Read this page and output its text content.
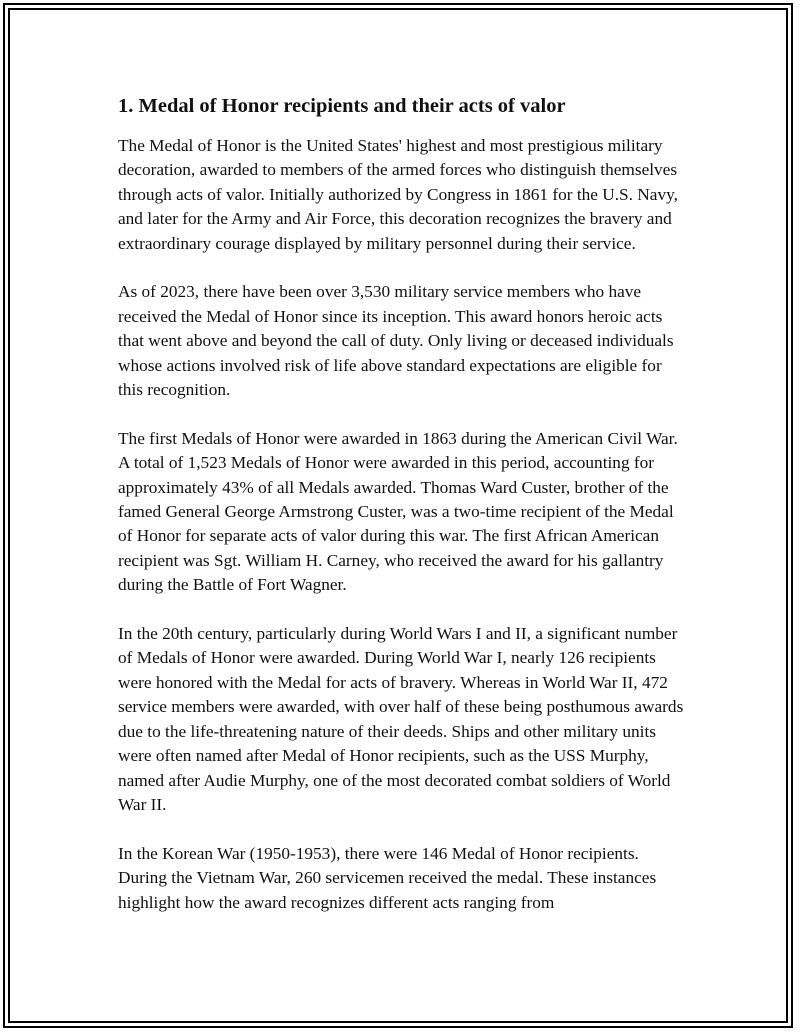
1. Medal of Honor recipients and their acts of valor

The Medal of Honor is the United States' highest and most prestigious military decoration, awarded to members of the armed forces who distinguish themselves through acts of valor. Initially authorized by Congress in 1861 for the U.S. Navy, and later for the Army and Air Force, this decoration recognizes the bravery and extraordinary courage displayed by military personnel during their service.

As of 2023, there have been over 3,530 military service members who have received the Medal of Honor since its inception. This award honors heroic acts that went above and beyond the call of duty. Only living or deceased individuals whose actions involved risk of life above standard expectations are eligible for this recognition.

The first Medals of Honor were awarded in 1863 during the American Civil War. A total of 1,523 Medals of Honor were awarded in this period, accounting for approximately 43% of all Medals awarded. Thomas Ward Custer, brother of the famed General George Armstrong Custer, was a two-time recipient of the Medal of Honor for separate acts of valor during this war. The first African American recipient was Sgt. William H. Carney, who received the award for his gallantry during the Battle of Fort Wagner.

In the 20th century, particularly during World Wars I and II, a significant number of Medals of Honor were awarded. During World War I, nearly 126 recipients were honored with the Medal for acts of bravery. Whereas in World War II, 472 service members were awarded, with over half of these being posthumous awards due to the life-threatening nature of their deeds. Ships and other military units were often named after Medal of Honor recipients, such as the USS Murphy, named after Audie Murphy, one of the most decorated combat soldiers of World War II.

In the Korean War (1950-1953), there were 146 Medal of Honor recipients. During the Vietnam War, 260 servicemen received the medal. These instances highlight how the award recognizes different acts ranging from
